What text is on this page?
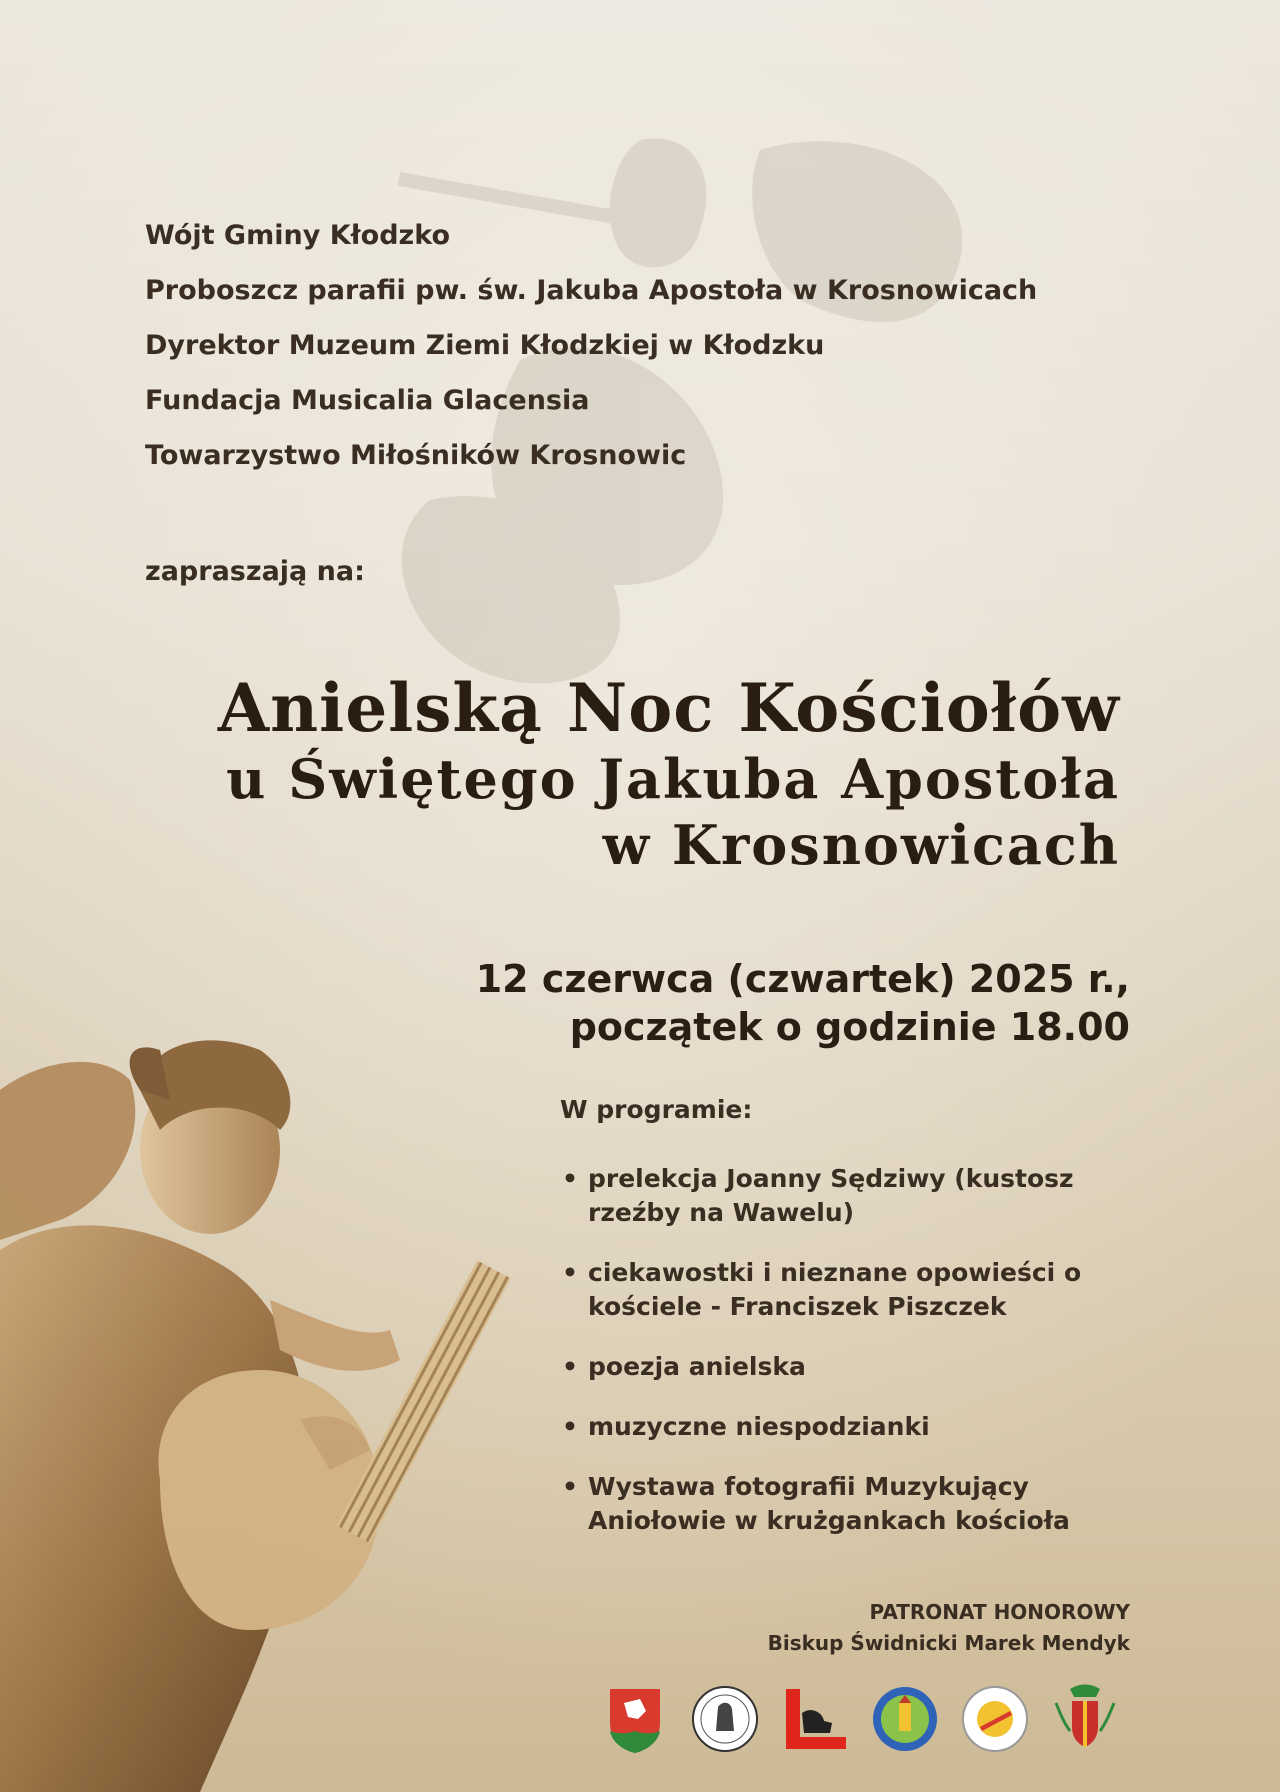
Wójt Gminy Kłodzko
Proboszcz parafii pw. św. Jakuba Apostoła w Krosnowicach
Dyrektor Muzeum Ziemi Kłodzkiej w Kłodzku
Fundacja Musicalia Glacensia
Towarzystwo Miłośników Krosnowic
zapraszają na:
Anielską Noc Kościołów
u Świętego Jakuba Apostoła
w Krosnowicach
12 czerwca (czwartek) 2025 r.,
początek o godzinie 18.00
W programie:
• prelekcja Joanny Sędziwy (kustosz rzeźby na Wawelu)
• ciekawostki i nieznane opowieści o kościele - Franciszek Piszczek
• poezja anielska
• muzyczne niespodzianki
• Wystawa fotografii Muzykujący Aniołowie w krużgankach kościoła
PATRONAT HONOROWY
Biskup Świdnicki Marek Mendyk
